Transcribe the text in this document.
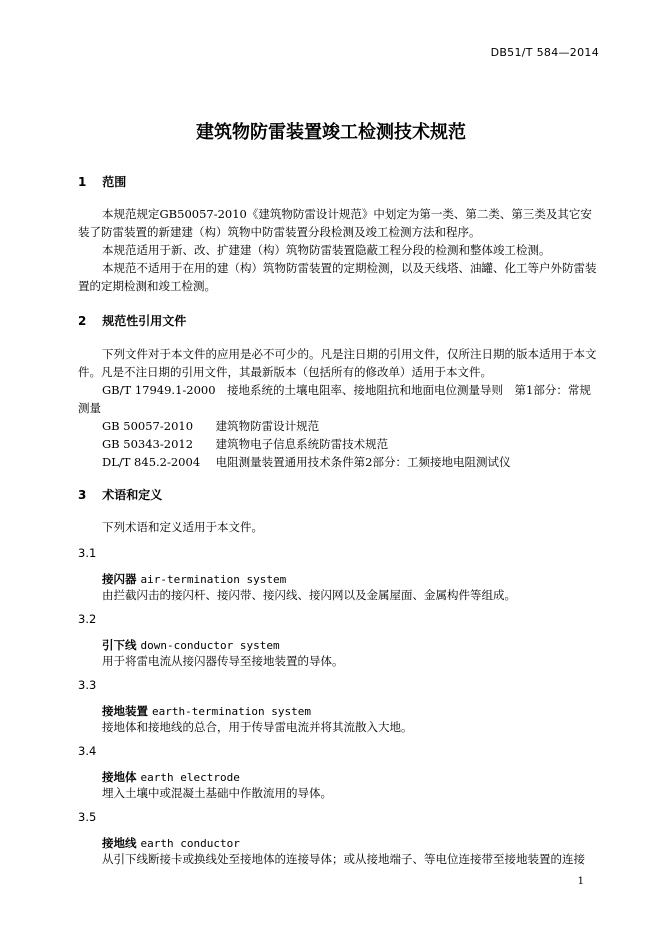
DB51/T 584—2014
建筑物防雷装置竣工检测技术规范
1 范围
本规范规定GB50057-2010《建筑物防雷设计规范》中划定为第一类、第二类、第三类及其它安装了防雷装置的新建建（构）筑物中防雷装置分段检测及竣工检测方法和程序。
本规范适用于新、改、扩建建（构）筑物防雷装置隐蔽工程分段的检测和整体竣工检测。
本规范不适用于在用的建（构）筑物防雷装置的定期检测，以及天线塔、油罐、化工等户外防雷装置的定期检测和竣工检测。
2 规范性引用文件
下列文件对于本文件的应用是必不可少的。凡是注日期的引用文件，仅所注日期的版本适用于本文件。凡是不注日期的引用文件，其最新版本（包括所有的修改单）适用于本文件。
GB/T 17949.1-2000　接地系统的土壤电阻率、接地阻抗和地面电位测量导则　第1部分：常规测量
GB 50057-2010 建筑物防雷设计规范
GB 50343-2012 建筑物电子信息系统防雷技术规范
DL/T 845.2-2004 电阻测量装置通用技术条件第2部分：工频接地电阻测试仪
3 术语和定义
下列术语和定义适用于本文件。
3.1
接闪器 air-termination system
由拦截闪击的接闪杆、接闪带、接闪线、接闪网以及金属屋面、金属构件等组成。
3.2
引下线 down-conductor system
用于将雷电流从接闪器传导至接地装置的导体。
3.3
接地装置 earth-termination system
接地体和接地线的总合，用于传导雷电流并将其流散入大地。
3.4
接地体 earth electrode
埋入土壤中或混凝土基础中作散流用的导体。
3.5
接地线 earth conductor
从引下线断接卡或换线处至接地体的连接导体；或从接地端子、等电位连接带至接地装置的连接
1
